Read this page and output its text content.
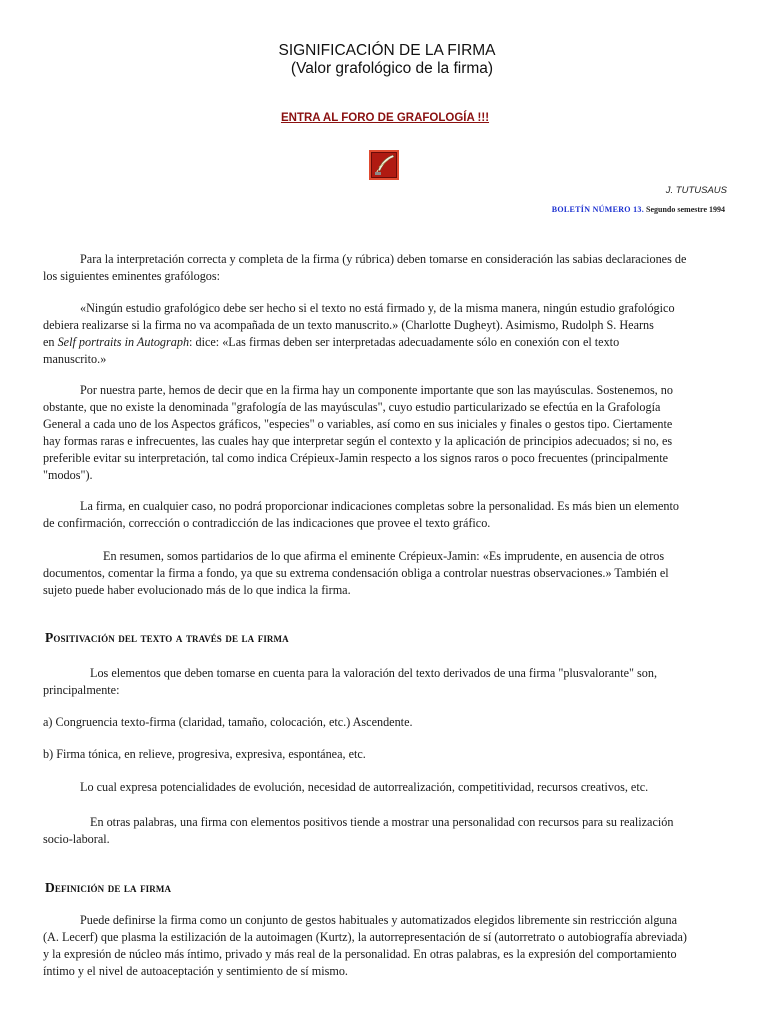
SIGNIFICACIÓN DE LA FIRMA
(Valor grafológico de la firma)
ENTRA AL FORO DE GRAFOLOGÍA !!!
J. TUTUSAUS
BOLETÍN NÚMERO 13. Segundo semestre 1994
Para la interpretación correcta y completa de la firma (y rúbrica) deben tomarse en consideración las sabias declaraciones de
los siguientes eminentes grafólogos:
«Ningún estudio grafológico debe ser hecho si el texto no está firmado y, de la misma manera, ningún estudio grafológico
debiera realizarse si la firma no va acompañada de un texto manuscrito.» (Charlotte Dugheyt). Asimismo, Rudolph S. Hearns
en Self portraits in Autograph: dice: «Las firmas deben ser interpretadas adecuadamente sólo en conexión con el texto
manuscrito.»
Por nuestra parte, hemos de decir que en la firma hay un componente importante que son las mayúsculas. Sostenemos, no
obstante, que no existe la denominada "grafología de las mayúsculas", cuyo estudio particularizado se efectúa en la Grafología
General a cada uno de los Aspectos gráficos, "especies" o variables, así como en sus iniciales y finales o gestos tipo. Ciertamente
hay formas raras e infrecuentes, las cuales hay que interpretar según el contexto y la aplicación de principios adecuados; si no, es
preferible evitar su interpretación, tal como indica Crépieux-Jamin respecto a los signos raros o poco frecuentes (principalmente
"modos").
La firma, en cualquier caso, no podrá proporcionar indicaciones completas sobre la personalidad. Es más bien un elemento
de confirmación, corrección o contradicción de las indicaciones que provee el texto gráfico.
En resumen, somos partidarios de lo que afirma el eminente Crépieux-Jamin: «Es imprudente, en ausencia de otros
documentos, comentar la firma a fondo, ya que su extrema condensación obliga a controlar nuestras observaciones.» También el
sujeto puede haber evolucionado más de lo que indica la firma.
Positivación del texto a través de la firma
Los elementos que deben tomarse en cuenta para la valoración del texto derivados de una firma "plusvalorante" son,
principalmente:
a) Congruencia texto-firma (claridad, tamaño, colocación, etc.) Ascendente.
b) Firma tónica, en relieve, progresiva, expresiva, espontánea, etc.
Lo cual expresa potencialidades de evolución, necesidad de autorrealización, competitividad, recursos creativos, etc.
En otras palabras, una firma con elementos positivos tiende a mostrar una personalidad con recursos para su realización
socio-laboral.
Definición de la firma
Puede definirse la firma como un conjunto de gestos habituales y automatizados elegidos libremente sin restricción alguna
(A. Lecerf) que plasma la estilización de la autoimagen (Kurtz), la autorrepresentación de sí (autorretrato o autobiografía abreviada)
y la expresión de núcleo más íntimo, privado y más real de la personalidad. En otras palabras, es la expresión del comportamiento
íntimo y el nivel de autoaceptación y sentimiento de sí mismo.
